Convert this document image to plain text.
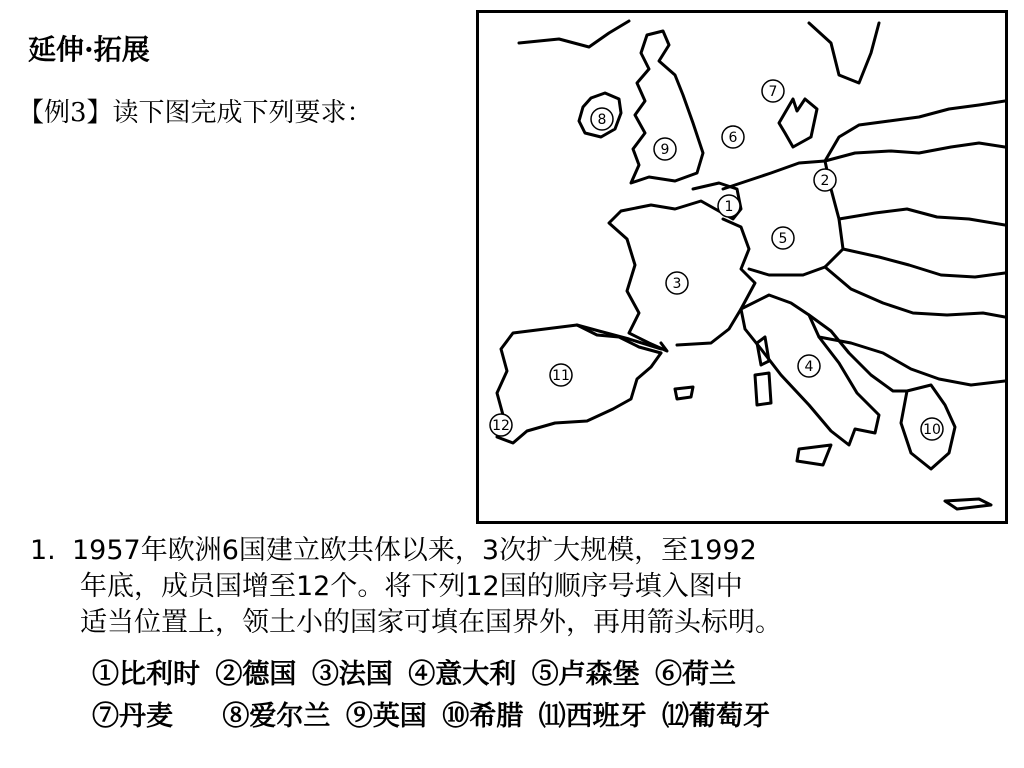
延伸·拓展
【例3】读下图完成下列要求：
1
2
3
4
5
6
7
8
9
10
11
12
1. 1957年欧洲6国建立欧共体以来，3次扩大规模，至1992
年底，成员国增至12个。将下列12国的顺序号填入图中
适当位置上，领土小的国家可填在国界外，再用箭头标明。
①比利时 ②德国 ③法国 ④意大利 ⑤卢森堡 ⑥荷兰
⑦丹麦 ⑧爱尔兰 ⑨英国 ⑩希腊 ⑾西班牙 ⑿葡萄牙
